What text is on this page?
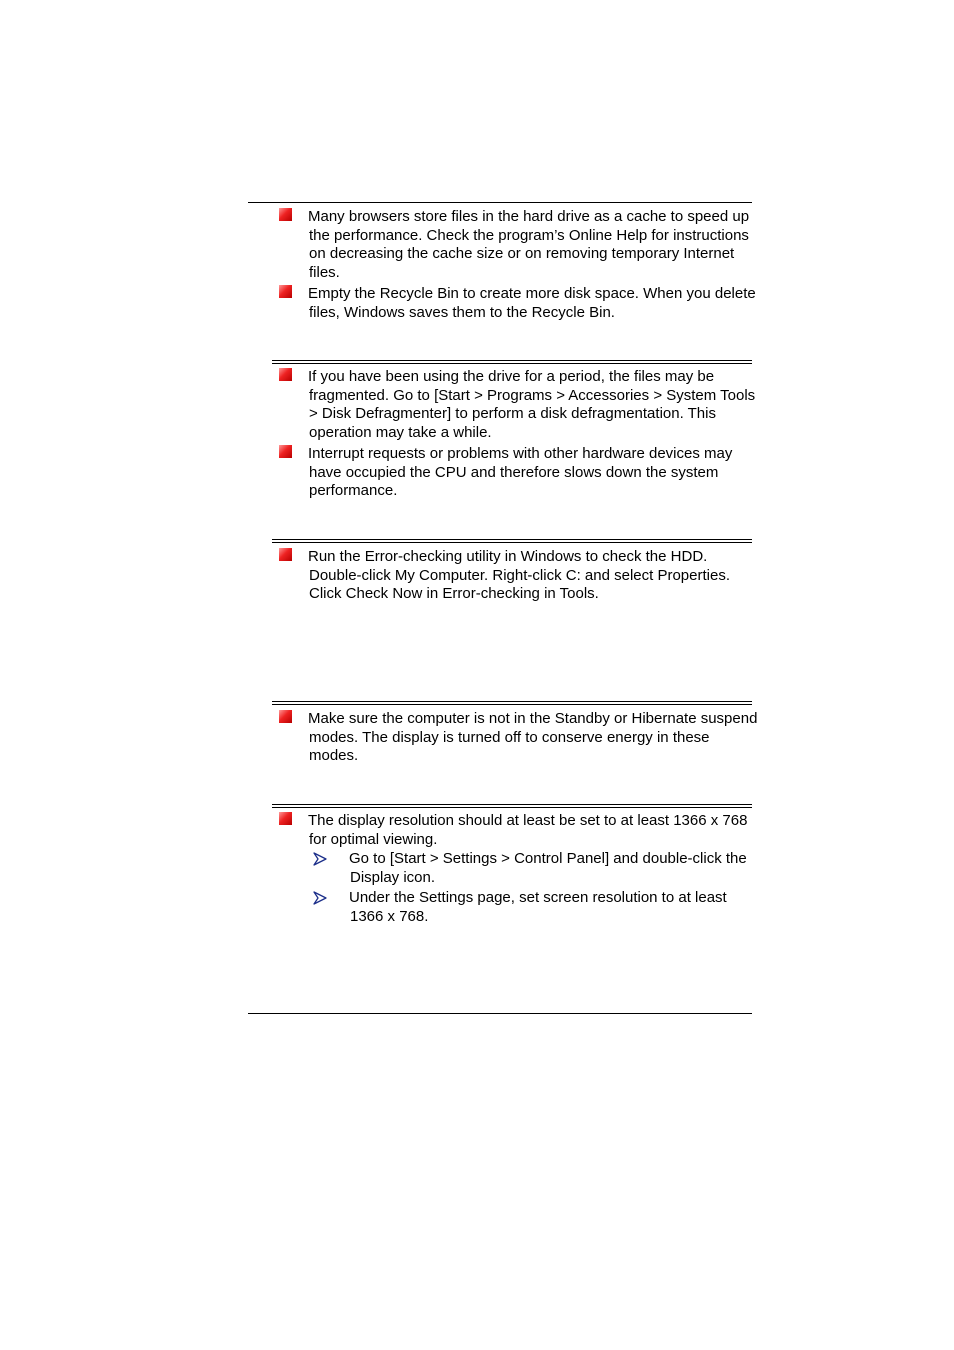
Many browsers store files in the hard drive as a cache to speed up the performance. Check the program’s Online Help for instructions on decreasing the cache size or on removing temporary Internet files.
Empty the Recycle Bin to create more disk space. When you delete files, Windows saves them to the Recycle Bin.
If you have been using the drive for a period, the files may be fragmented. Go to [Start > Programs > Accessories > System Tools > Disk Defragmenter] to perform a disk defragmentation. This operation may take a while.
Interrupt requests or problems with other hardware devices may have occupied the CPU and therefore slows down the system performance.
Run the Error-checking utility in Windows to check the HDD. Double-click My Computer. Right-click C: and select Properties. Click Check Now in Error-checking in Tools.
Make sure the computer is not in the Standby or Hibernate suspend modes. The display is turned off to conserve energy in these modes.
The display resolution should at least be set to at least 1366 x 768 for optimal viewing.
Go to [Start > Settings > Control Panel] and double-click the Display icon.
Under the Settings page, set screen resolution to at least 1366 x 768.
